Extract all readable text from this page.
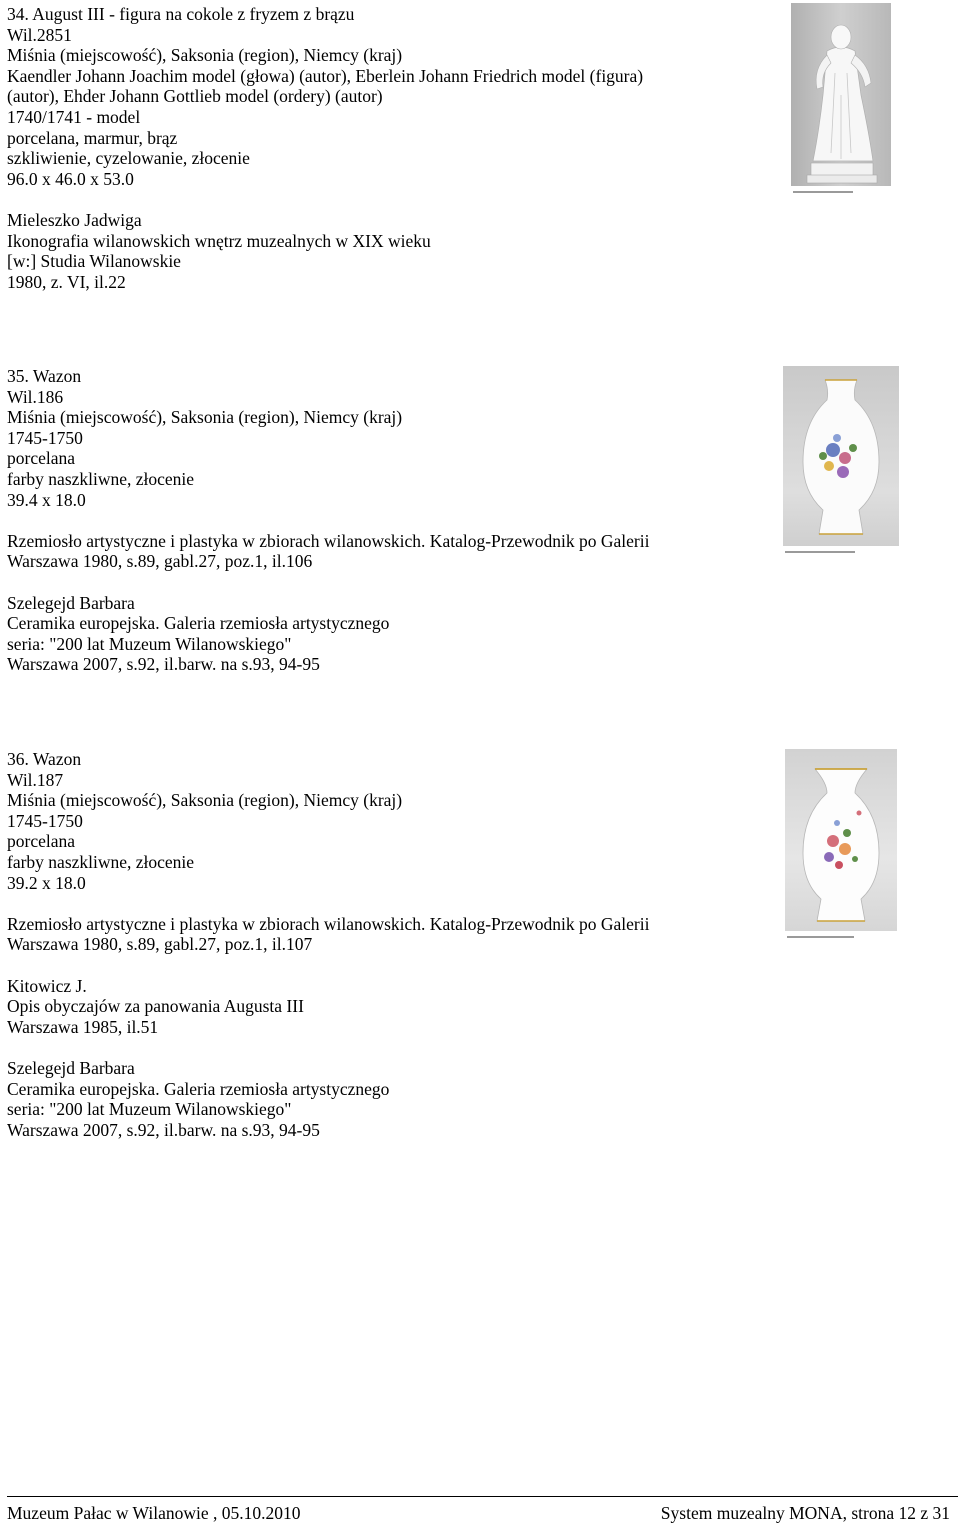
34. August III - figura na cokole z fryzem z brązu
Wil.2851
Miśnia (miejscowość), Saksonia (region), Niemcy (kraj)
Kaendler Johann Joachim model (głowa) (autor), Eberlein Johann Friedrich model (figura)
(autor), Ehder Johann Gottlieb model (ordery) (autor)
1740/1741 - model
porcelana, marmur, brąz
szkliwienie, cyzelowanie, złocenie
96.0 x 46.0 x 53.0
Mieleszko Jadwiga
Ikonografia wilanowskich wnętrz muzealnych w XIX wieku
[w:] Studia Wilanowskie
1980, z. VI, il.22
35. Wazon
Wil.186
Miśnia (miejscowość), Saksonia (region), Niemcy (kraj)
1745-1750
porcelana
farby naszkliwne, złocenie
39.4 x 18.0
Rzemiosło artystyczne i plastyka w zbiorach wilanowskich. Katalog-Przewodnik po Galerii
Warszawa 1980, s.89, gabl.27, poz.1, il.106
Szelegejd Barbara
Ceramika europejska. Galeria rzemiosła artystycznego
seria: "200 lat Muzeum Wilanowskiego"
Warszawa 2007, s.92, il.barw. na s.93, 94-95
36. Wazon
Wil.187
Miśnia (miejscowość), Saksonia (region), Niemcy (kraj)
1745-1750
porcelana
farby naszkliwne, złocenie
39.2 x 18.0
Rzemiosło artystyczne i plastyka w zbiorach wilanowskich. Katalog-Przewodnik po Galerii
Warszawa 1980, s.89, gabl.27, poz.1, il.107
Kitowicz J.
Opis obyczajów za panowania Augusta III
Warszawa 1985, il.51
Szelegejd Barbara
Ceramika europejska. Galeria rzemiosła artystycznego
seria: "200 lat Muzeum Wilanowskiego"
Warszawa 2007, s.92, il.barw. na s.93, 94-95
Muzeum Pałac w Wilanowie , 05.10.2010	System muzealny MONA, strona 12 z 31
